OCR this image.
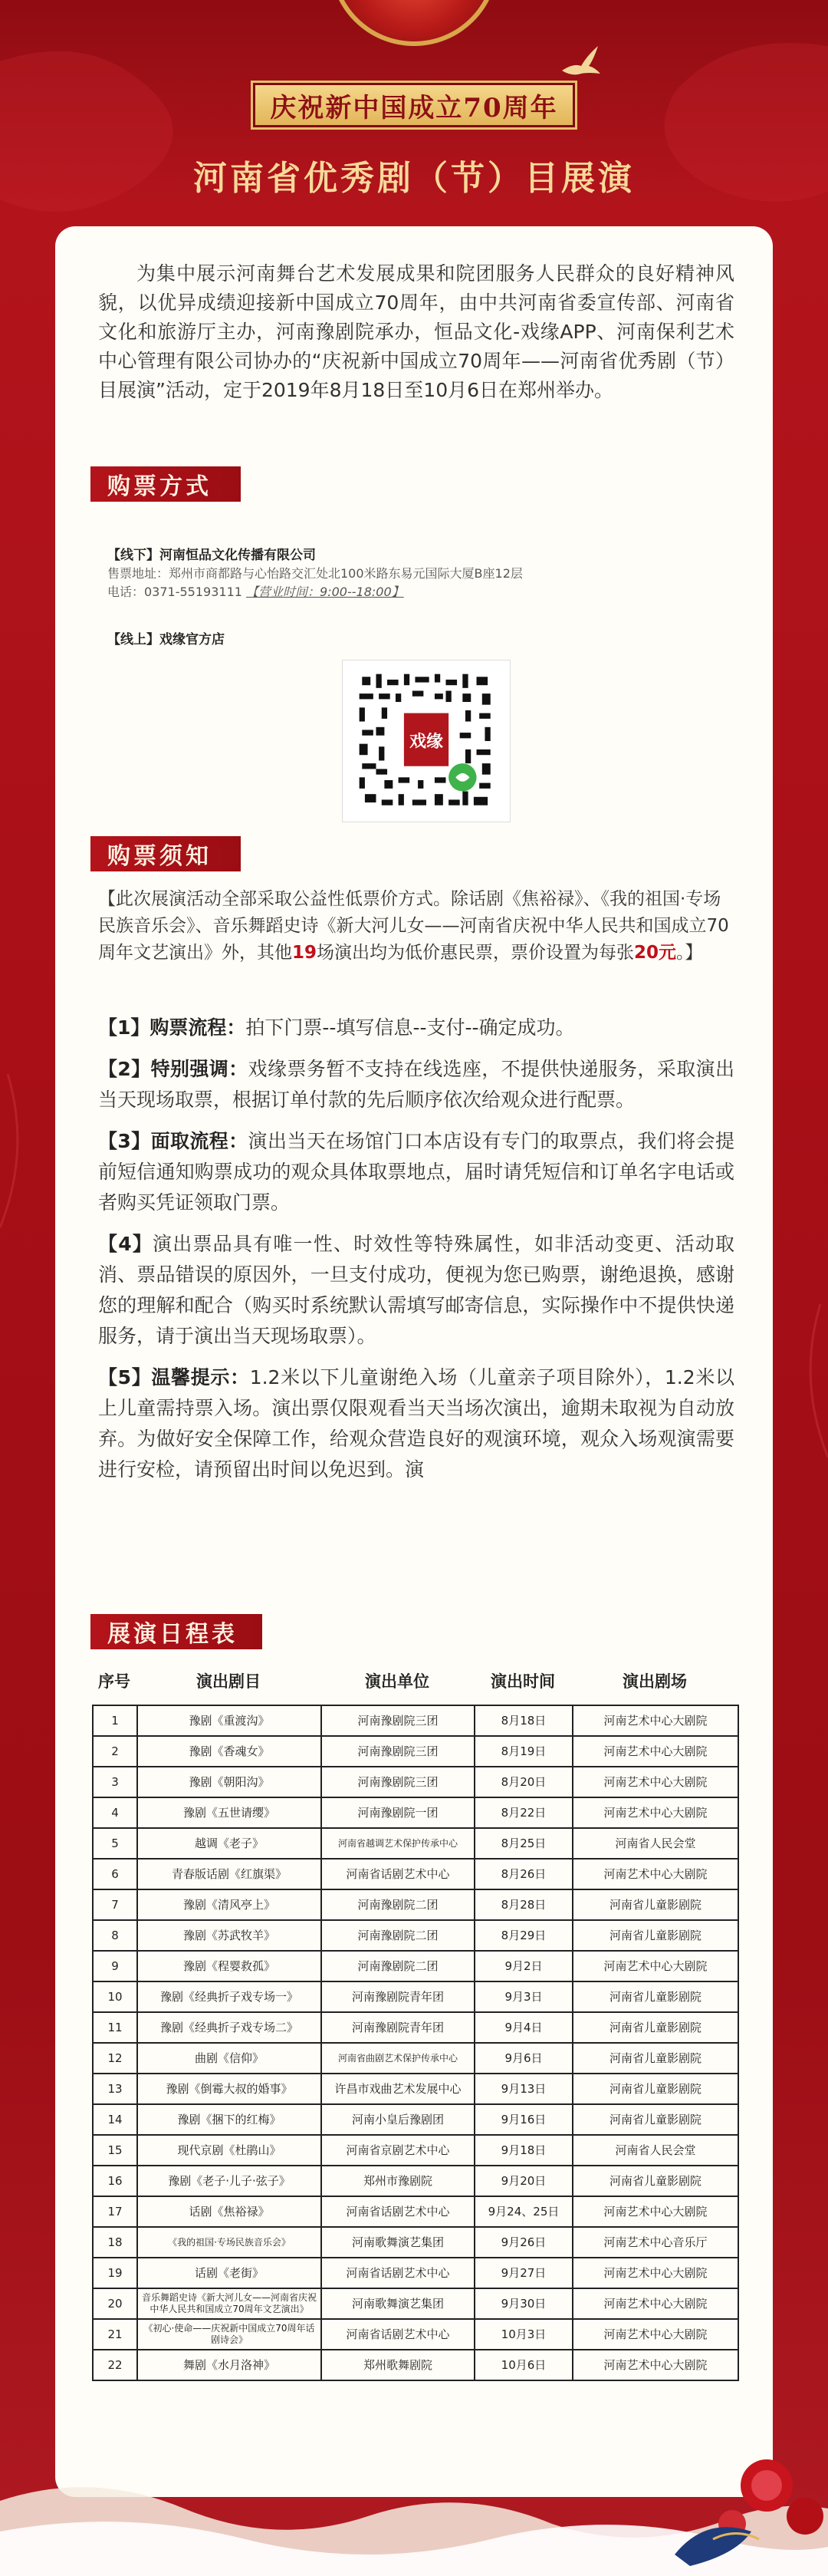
庆祝新中国成立70周年
河南省优秀剧（节）目展演

为集中展示河南舞台艺术发展成果和院团服务人民群众的良好精神风貌，以优异成绩迎接新中国成立70周年，由中共河南省委宣传部、河南省文化和旅游厅主办，河南豫剧院承办，恒品文化-戏缘APP、河南保利艺术中心管理有限公司协办的“庆祝新中国成立70周年——河南省优秀剧（节）目展演”活动，定于2019年8月18日至10月6日在郑州举办。

购票方式
【线下】河南恒品文化传播有限公司
售票地址：郑州市商都路与心怡路交汇处北100米路东易元国际大厦B座12层
电话：0371-55193111 【营业时间：9:00--18:00】
【线上】戏缘官方店
戏缘
购票须知

【此次展演活动全部采取公益性低票价方式。除话剧《焦裕禄》、《我的祖国·专场民族音乐会》、音乐舞蹈史诗《新大河儿女——河南省庆祝中华人民共和国成立70周年文艺演出》外，其他19场演出均为低价惠民票，票价设置为每张20元。】

【1】购票流程：拍下门票--填写信息--支付--确定成功。

【2】特别强调：戏缘票务暂不支持在线选座，不提供快递服务，采取演出当天现场取票，根据订单付款的先后顺序依次给观众进行配票。

【3】面取流程：演出当天在场馆门口本店设有专门的取票点，我们将会提前短信通知购票成功的观众具体取票地点，届时请凭短信和订单名字电话或者购买凭证领取门票。

【4】演出票品具有唯一性、时效性等特殊属性，如非活动变更、活动取消、票品错误的原因外，一旦支付成功，便视为您已购票，谢绝退换，感谢您的理解和配合（购买时系统默认需填写邮寄信息，实际操作中不提供快递服务，请于演出当天现场取票）。

【5】温馨提示：1.2米以下儿童谢绝入场（儿童亲子项目除外），1.2米以上儿童需持票入场。演出票仅限观看当天当场次演出，逾期未取视为自动放弃。为做好安全保障工作，给观众营造良好的观演环境，观众入场观演需要进行安检，请预留出时间以免迟到。演

展演日程表
序号	演出剧目	演出单位	演出时间	演出剧场
1	豫剧《重渡沟》	河南豫剧院三团	8月18日	河南艺术中心大剧院
2	豫剧《香魂女》	河南豫剧院三团	8月19日	河南艺术中心大剧院
3	豫剧《朝阳沟》	河南豫剧院三团	8月20日	河南艺术中心大剧院
4	豫剧《五世请缨》	河南豫剧院一团	8月22日	河南艺术中心大剧院
5	越调《老子》	河南省越调艺术保护传承中心	8月25日	河南省人民会堂
6	青春版话剧《红旗渠》	河南省话剧艺术中心	8月26日	河南艺术中心大剧院
7	豫剧《清风亭上》	河南豫剧院二团	8月28日	河南省儿童影剧院
8	豫剧《苏武牧羊》	河南豫剧院二团	8月29日	河南省儿童影剧院
9	豫剧《程婴救孤》	河南豫剧院二团	9月2日	河南艺术中心大剧院
10	豫剧《经典折子戏专场一》	河南豫剧院青年团	9月3日	河南省儿童影剧院
11	豫剧《经典折子戏专场二》	河南豫剧院青年团	9月4日	河南省儿童影剧院
12	曲剧《信仰》	河南省曲剧艺术保护传承中心	9月6日	河南省儿童影剧院
13	豫剧《倒霉大叔的婚事》	许昌市戏曲艺术发展中心	9月13日	河南省儿童影剧院
14	豫剧《捆下的红梅》	河南小皇后豫剧团	9月16日	河南省儿童影剧院
15	现代京剧《杜鹃山》	河南省京剧艺术中心	9月18日	河南省人民会堂
16	豫剧《老子·儿子·弦子》	郑州市豫剧院	9月20日	河南省儿童影剧院
17	话剧《焦裕禄》	河南省话剧艺术中心	9月24、25日	河南艺术中心大剧院
18	《我的祖国·专场民族音乐会》	河南歌舞演艺集团	9月26日	河南艺术中心音乐厅
19	话剧《老街》	河南省话剧艺术中心	9月27日	河南艺术中心大剧院
20	音乐舞蹈史诗《新大河儿女——河南省庆祝中华人民共和国成立70周年文艺演出》	河南歌舞演艺集团	9月30日	河南艺术中心大剧院
21	《初心·使命——庆祝新中国成立70周年话剧诗会》	河南省话剧艺术中心	10月3日	河南艺术中心大剧院
22	舞剧《水月洛神》	郑州歌舞剧院	10月6日	河南艺术中心大剧院
